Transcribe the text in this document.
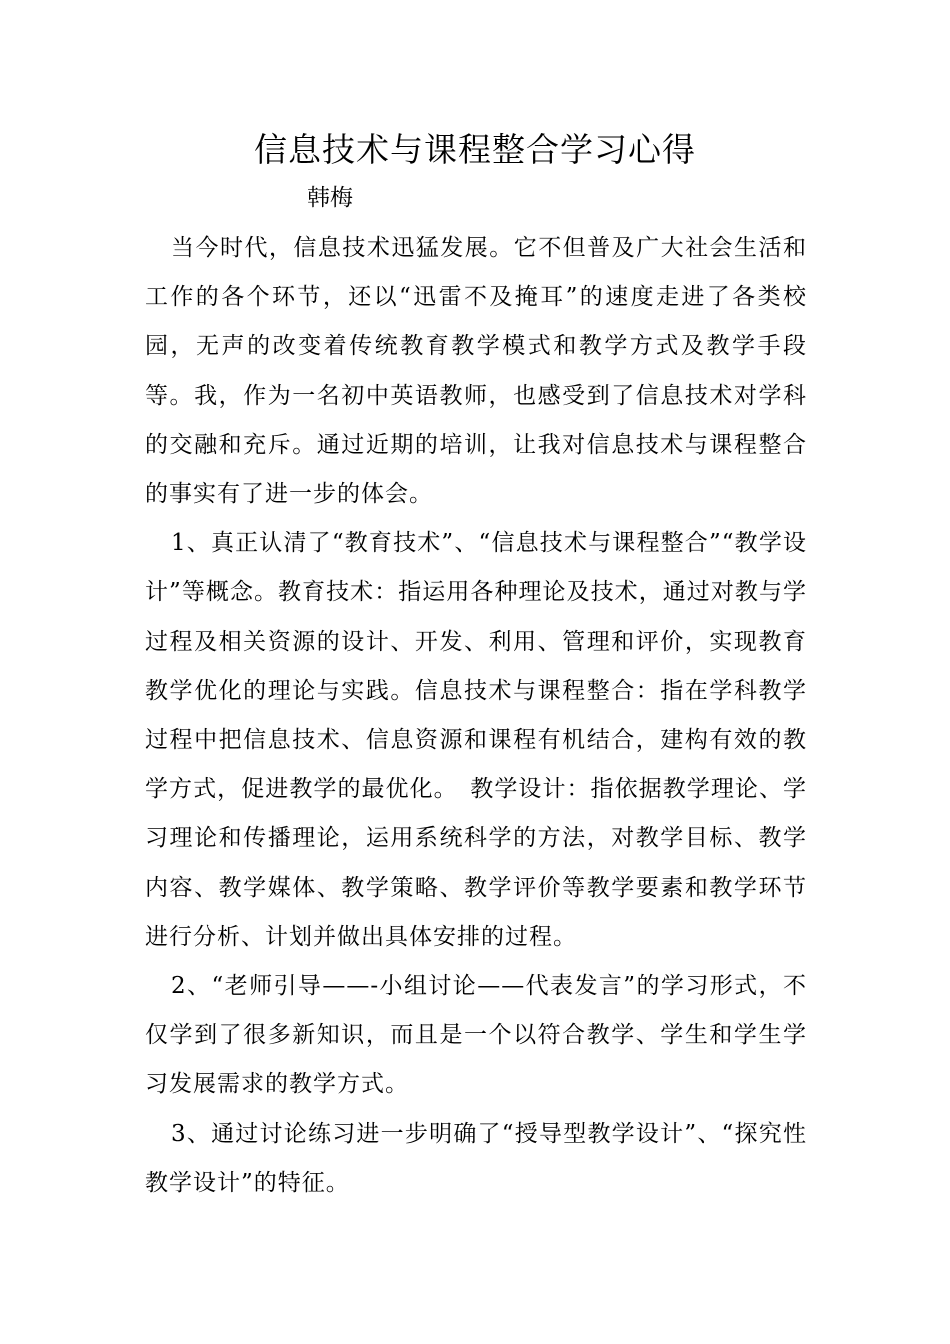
信息技术与课程整合学习心得
韩梅

当今时代，信息技术迅猛发展。它不但普及广大社会生活和工作的各个环节，还以“迅雷不及掩耳”的速度走进了各类校园，无声的改变着传统教育教学模式和教学方式及教学手段等。我，作为一名初中英语教师，也感受到了信息技术对学科的交融和充斥。通过近期的培训，让我对信息技术与课程整合的事实有了进一步的体会。

1、真正认清了“教育技术”、“信息技术与课程整合”“教学设计”等概念。教育技术：指运用各种理论及技术，通过对教与学过程及相关资源的设计、开发、利用、管理和评价，实现教育教学优化的理论与实践。信息技术与课程整合：指在学科教学过程中把信息技术、信息资源和课程有机结合，建构有效的教学方式，促进教学的最优化。　教学设计：指依据教学理论、学习理论和传播理论，运用系统科学的方法，对教学目标、教学内容、教学媒体、教学策略、教学评价等教学要素和教学环节进行分析、计划并做出具体安排的过程。

2、“老师引导——-小组讨论——代表发言”的学习形式，不仅学到了很多新知识，而且是一个以符合教学、学生和学生学习发展需求的教学方式。

3、通过讨论练习进一步明确了“授导型教学设计”、“探究性教学设计”的特征。
